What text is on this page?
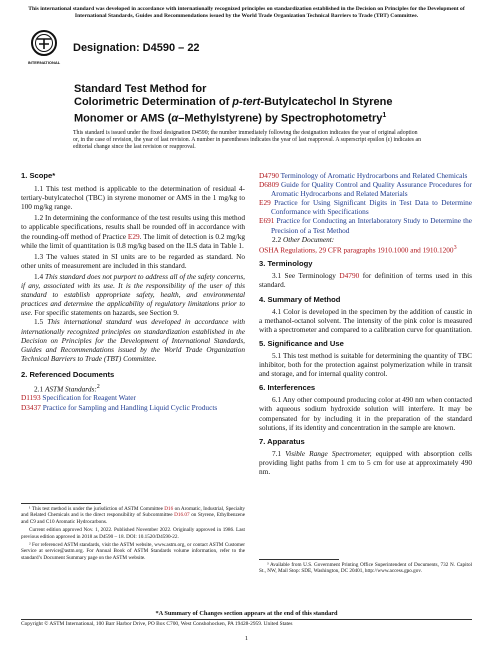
This international standard was developed in accordance with internationally recognized principles on standardization established in the Decision on Principles for the Development of International Standards, Guides and Recommendations issued by the World Trade Organization Technical Barriers to Trade (TBT) Committee.
INTERNATIONAL
Designation: D4590 – 22
Standard Test Method for
Colorimetric Determination of p-tert-Butylcatechol In Styrene
Monomer or AMS (α–Methylstyrene) by Spectrophotometry$^1$
This standard is issued under the fixed designation D4590; the number immediately following the designation indicates the year of original adoption or, in the case of revision, the year of last revision. A number in parentheses indicates the year of last reapproval. A superscript epsilon (ε) indicates an editorial change since the last revision or reapproval.

1. Scope*

1.1 This test method is applicable to the determination of residual 4-tertiary-butylcatechol (TBC) in styrene monomer or AMS in the 1 mg/kg to 100 mg/kg range.

1.2 In determining the conformance of the test results using this method to applicable specifications, results shall be rounded off in accordance with the rounding-off method of Practice E29. The limit of detection is 0.2 mg/kg while the limit of quantitation is 0.8 mg/kg based on the ILS data in Table 1.

1.3 The values stated in SI units are to be regarded as standard. No other units of measurement are included in this standard.

1.4 This standard does not purport to address all of the safety concerns, if any, associated with its use. It is the responsibility of the user of this standard to establish appropriate safety, health, and environmental practices and determine the applicability of regulatory limitations prior to use. For specific statements on hazards, see Section 9.

1.5 This international standard was developed in accordance with internationally recognized principles on standardization established in the Decision on Principles for the Development of International Standards, Guides and Recommendations issued by the World Trade Organization Technical Barriers to Trade (TBT) Committee.

2. Referenced Documents

2.1 ASTM Standards:$^2$

D1193 Specification for Reagent Water
D3437 Practice for Sampling and Handling Liquid Cyclic Products
D4790 Terminology of Aromatic Hydrocarbons and Related Chemicals
D6809 Guide for Quality Control and Quality Assurance Procedures for Aromatic Hydrocarbons and Related Materials
E29 Practice for Using Significant Digits in Test Data to Determine Conformance with Specifications
E691 Practice for Conducting an Interlaboratory Study to Determine the Precision of a Test Method

2.2 Other Document:

OSHA Regulations, 29 CFR paragraphs 1910.1000 and 1910.1200$^3$

3. Terminology

3.1 See Terminology D4790 for definition of terms used in this standard.

4. Summary of Method

4.1 Color is developed in the specimen by the addition of caustic in a methanol-octanol solvent. The intensity of the pink color is measured with a spectrometer and compared to a calibration curve for quantitation.

5. Significance and Use

5.1 This test method is suitable for determining the quantity of TBC inhibitor, both for the protection against polymerization while in transit and storage, and for internal quality control.

6. Interferences

6.1 Any other compound producing color at 490 nm when contacted with aqueous sodium hydroxide solution will interfere. It may be compensated for by including it in the preparation of the standard solutions, if its identity and concentration in the sample are known.

7. Apparatus

7.1 Visible Range Spectrometer, equipped with absorption cells providing light paths from 1 cm to 5 cm for use at approximately 490 nm.

¹ This test method is under the jurisdiction of ASTM Committee D16 on Aromatic, Industrial, Specialty and Related Chemicals and is the direct responsibility of Subcommittee D16.07 on Styrene, Ethylbenzene and C9 and C10 Aromatic Hydrocarbons.

Current edition approved Nov. 1, 2022. Published November 2022. Originally approved in 1986. Last previous edition approved in 2018 as D4590 – 18. DOI: 10.1520/D4590-22.

² For referenced ASTM standards, visit the ASTM website, www.astm.org, or contact ASTM Customer Service at service@astm.org. For Annual Book of ASTM Standards volume information, refer to the standard’s Document Summary page on the ASTM website.

³ Available from U.S. Government Printing Office Superintendent of Documents, 732 N. Capitol St., NW, Mail Stop: SDE, Washington, DC 20401, http://www.access.gpo.gov.

*A Summary of Changes section appears at the end of this standard
Copyright © ASTM International, 100 Barr Harbor Drive, PO Box C700, West Conshohocken, PA 19428-2959. United States
1
